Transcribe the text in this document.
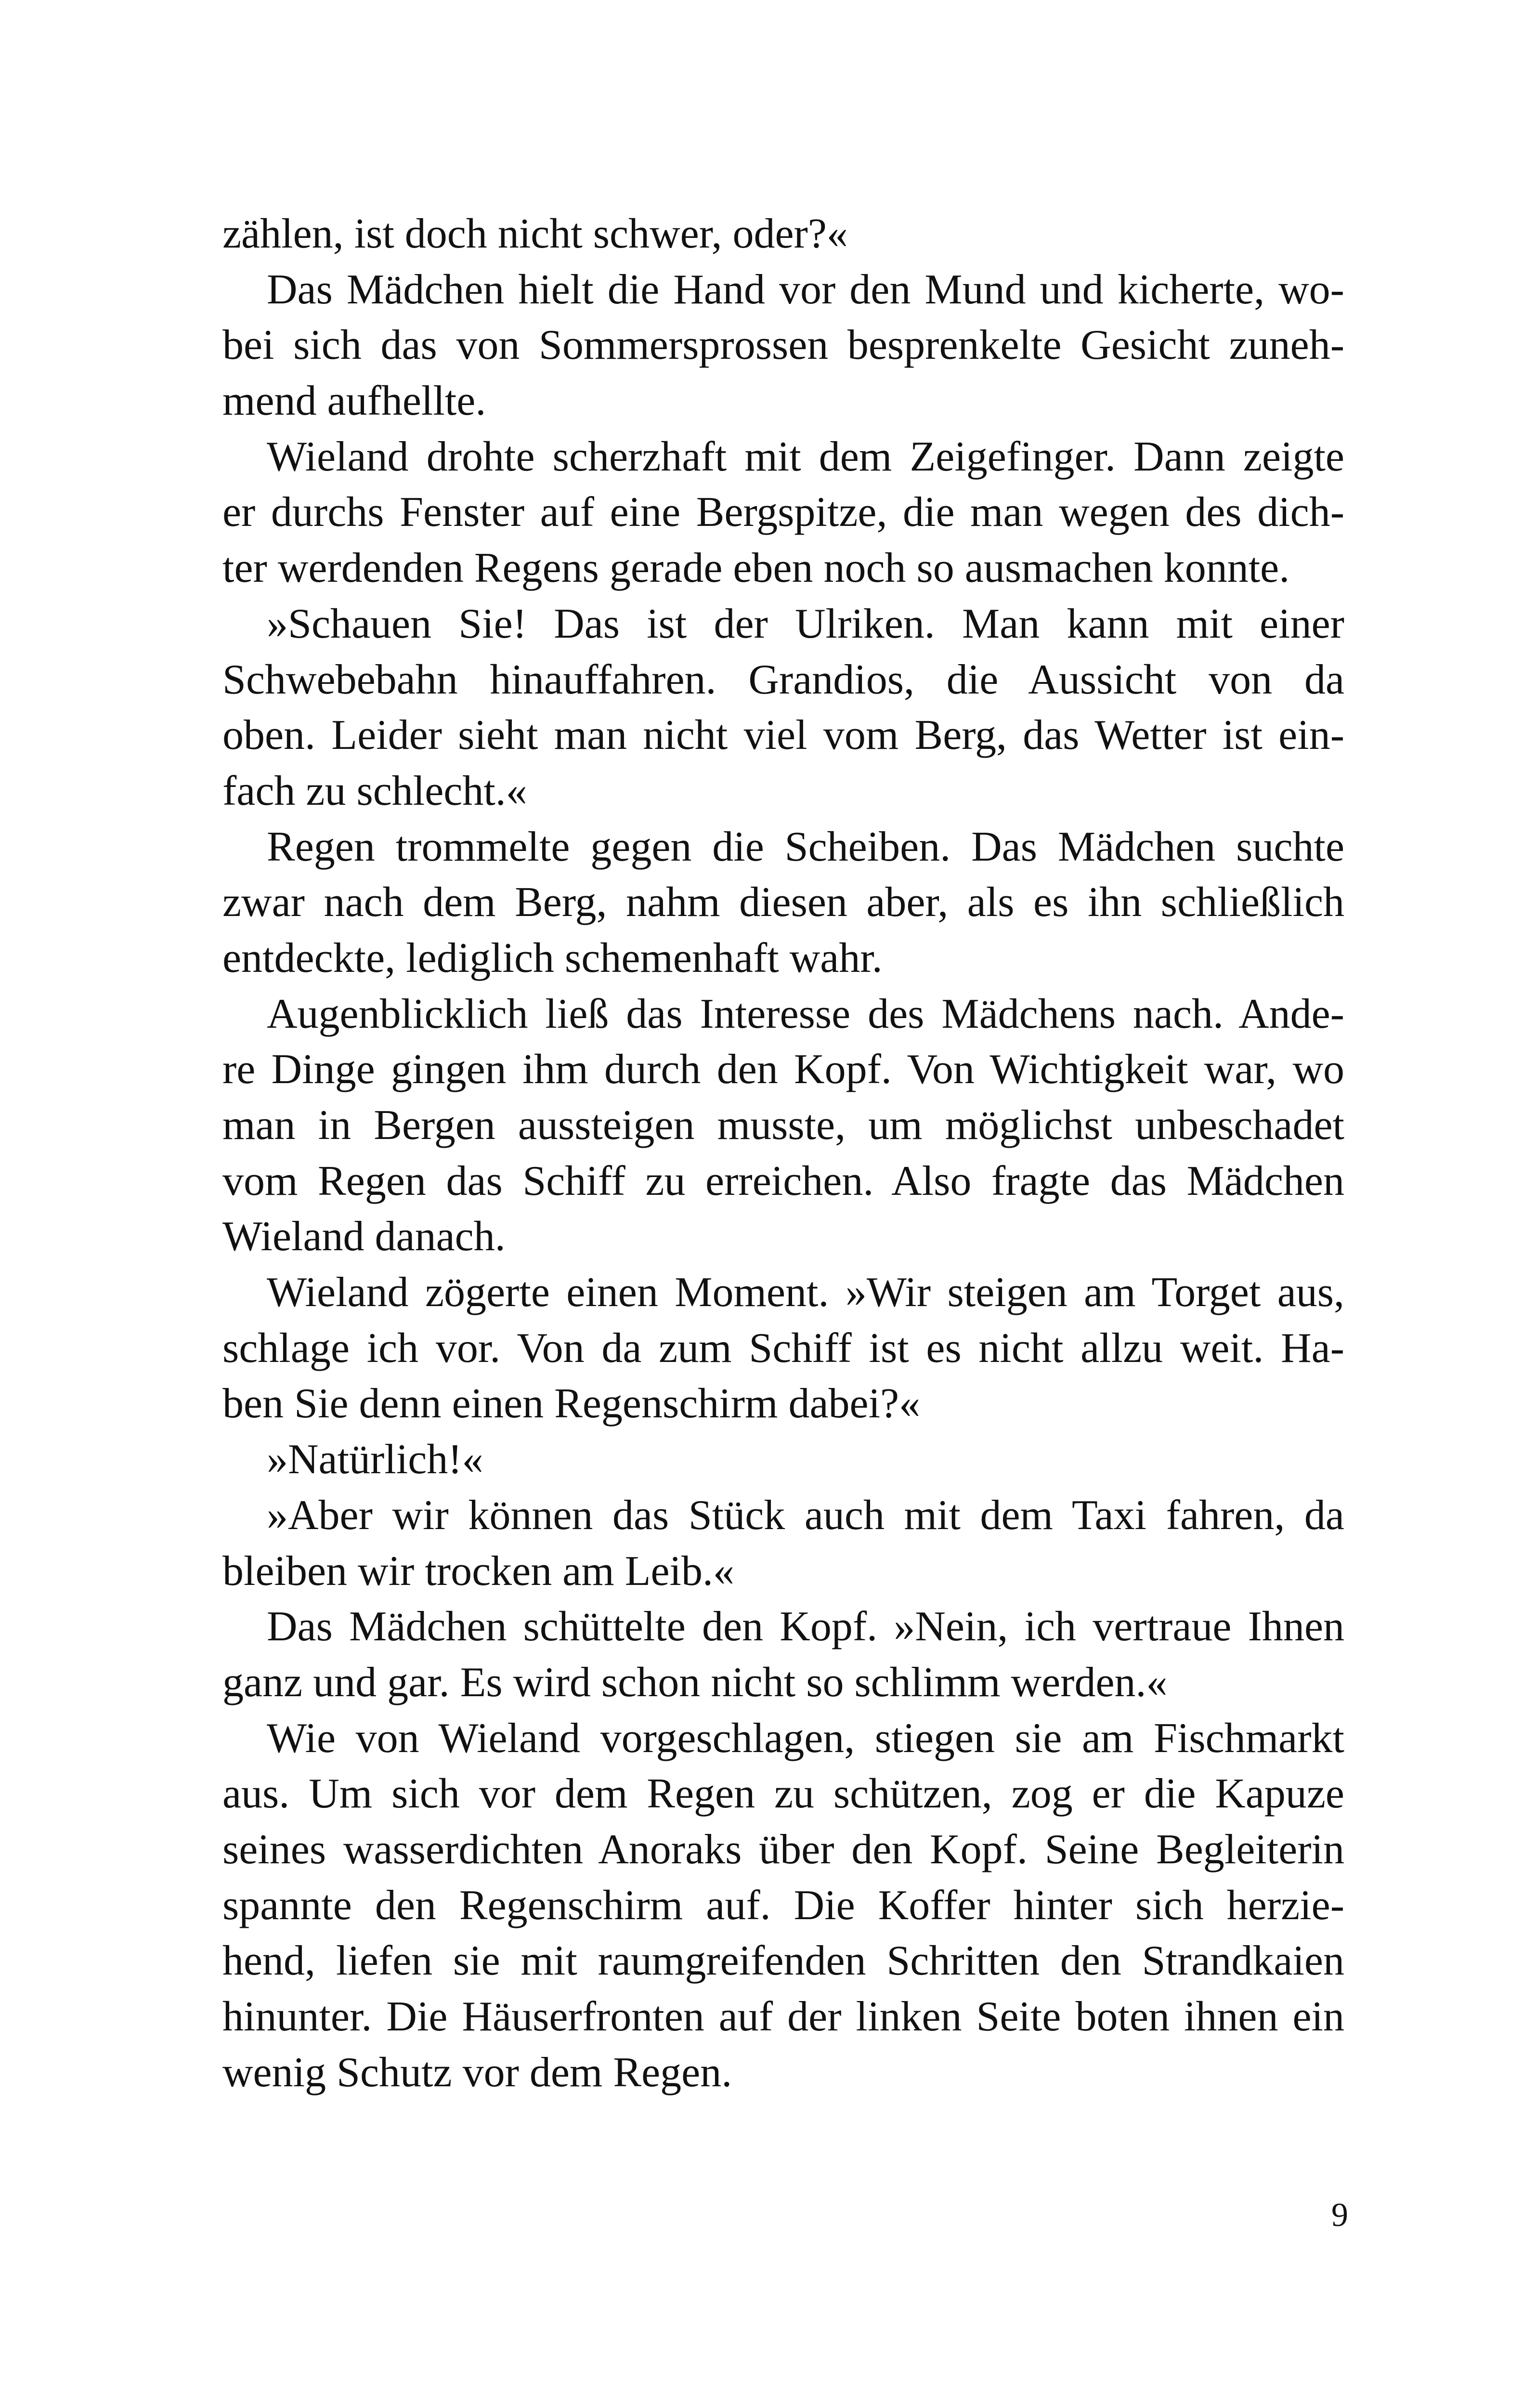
zählen, ist doch nicht schwer, oder?«
Das Mädchen hielt die Hand vor den Mund und kicherte, wo-
bei sich das von Sommersprossen besprenkelte Gesicht zuneh-
mend aufhellte.
Wieland drohte scherzhaft mit dem Zeigefinger. Dann zeigte
er durchs Fenster auf eine Bergspitze, die man wegen des dich-
ter werdenden Regens gerade eben noch so ausmachen konnte.
»Schauen Sie! Das ist der Ulriken. Man kann mit einer
Schwebebahn hinauffahren. Grandios, die Aussicht von da
oben. Leider sieht man nicht viel vom Berg, das Wetter ist ein-
fach zu schlecht.«
Regen trommelte gegen die Scheiben. Das Mädchen suchte
zwar nach dem Berg, nahm diesen aber, als es ihn schließlich
entdeckte, lediglich schemenhaft wahr.
Augenblicklich ließ das Interesse des Mädchens nach. Ande-
re Dinge gingen ihm durch den Kopf. Von Wichtigkeit war, wo
man in Bergen aussteigen musste, um möglichst unbeschadet
vom Regen das Schiff zu erreichen. Also fragte das Mädchen
Wieland danach.
Wieland zögerte einen Moment. »Wir steigen am Torget aus,
schlage ich vor. Von da zum Schiff ist es nicht allzu weit. Ha-
ben Sie denn einen Regenschirm dabei?«
»Natürlich!«
»Aber wir können das Stück auch mit dem Taxi fahren, da
bleiben wir trocken am Leib.«
Das Mädchen schüttelte den Kopf. »Nein, ich vertraue Ihnen
ganz und gar. Es wird schon nicht so schlimm werden.«
Wie von Wieland vorgeschlagen, stiegen sie am Fischmarkt
aus. Um sich vor dem Regen zu schützen, zog er die Kapuze
seines wasserdichten Anoraks über den Kopf. Seine Begleiterin
spannte den Regenschirm auf. Die Koffer hinter sich herzie-
hend, liefen sie mit raumgreifenden Schritten den Strandkaien
hinunter. Die Häuserfronten auf der linken Seite boten ihnen ein
wenig Schutz vor dem Regen.
9
